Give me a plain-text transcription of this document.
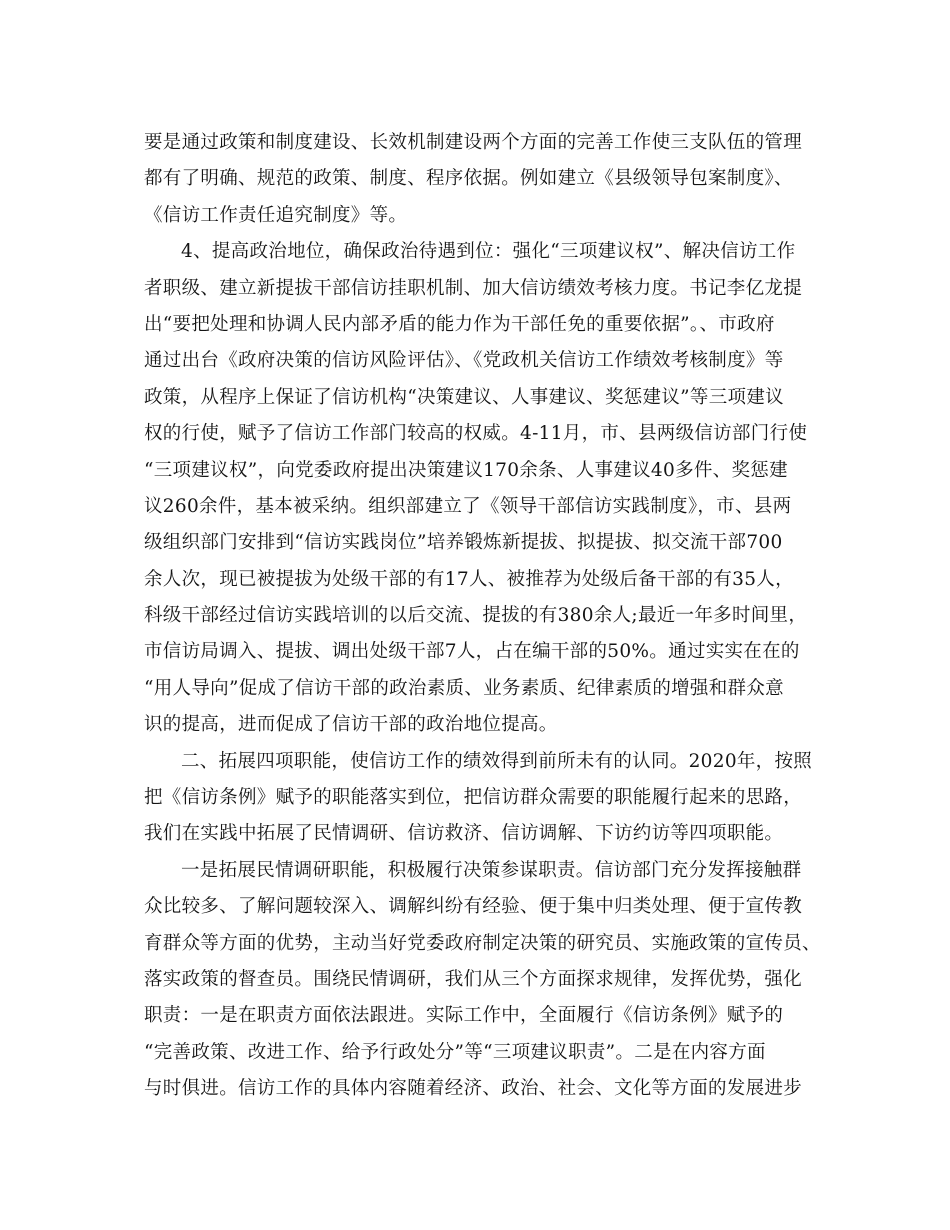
要是通过政策和制度建设、长效机制建设两个方面的完善工作使三支队伍的管理
都有了明确、规范的政策、制度、程序依据。例如建立《县级领导包案制度》、
《信访工作责任追究制度》等。
4、提高政治地位，确保政治待遇到位：强化“三项建议权”、解决信访工作
者职级、建立新提拔干部信访挂职机制、加大信访绩效考核力度。书记李亿龙提
出“要把处理和协调人民内部矛盾的能力作为干部任免的重要依据”。、市政府
通过出台《政府决策的信访风险评估》、《党政机关信访工作绩效考核制度》等
政策，从程序上保证了信访机构“决策建议、人事建议、奖惩建议”等三项建议
权的行使，赋予了信访工作部门较高的权威。4-11月，市、县两级信访部门行使
“三项建议权”，向党委政府提出决策建议170余条、人事建议40多件、奖惩建
议260余件，基本被采纳。组织部建立了《领导干部信访实践制度》，市、县两
级组织部门安排到“信访实践岗位”培养锻炼新提拔、拟提拔、拟交流干部700
余人次，现已被提拔为处级干部的有17人、被推荐为处级后备干部的有35人，
科级干部经过信访实践培训的以后交流、提拔的有380余人;最近一年多时间里，
市信访局调入、提拔、调出处级干部7人，占在编干部的50%。通过实实在在的
“用人导向”促成了信访干部的政治素质、业务素质、纪律素质的增强和群众意
识的提高，进而促成了信访干部的政治地位提高。
二、拓展四项职能，使信访工作的绩效得到前所未有的认同。2020年，按照
把《信访条例》赋予的职能落实到位，把信访群众需要的职能履行起来的思路，
我们在实践中拓展了民情调研、信访救济、信访调解、下访约访等四项职能。
一是拓展民情调研职能，积极履行决策参谋职责。信访部门充分发挥接触群
众比较多、了解问题较深入、调解纠纷有经验、便于集中归类处理、便于宣传教
育群众等方面的优势，主动当好党委政府制定决策的研究员、实施政策的宣传员、
落实政策的督查员。围绕民情调研，我们从三个方面探求规律，发挥优势，强化
职责：一是在职责方面依法跟进。实际工作中，全面履行《信访条例》赋予的
“完善政策、改进工作、给予行政处分”等“三项建议职责”。二是在内容方面
与时俱进。信访工作的具体内容随着经济、政治、社会、文化等方面的发展进步
